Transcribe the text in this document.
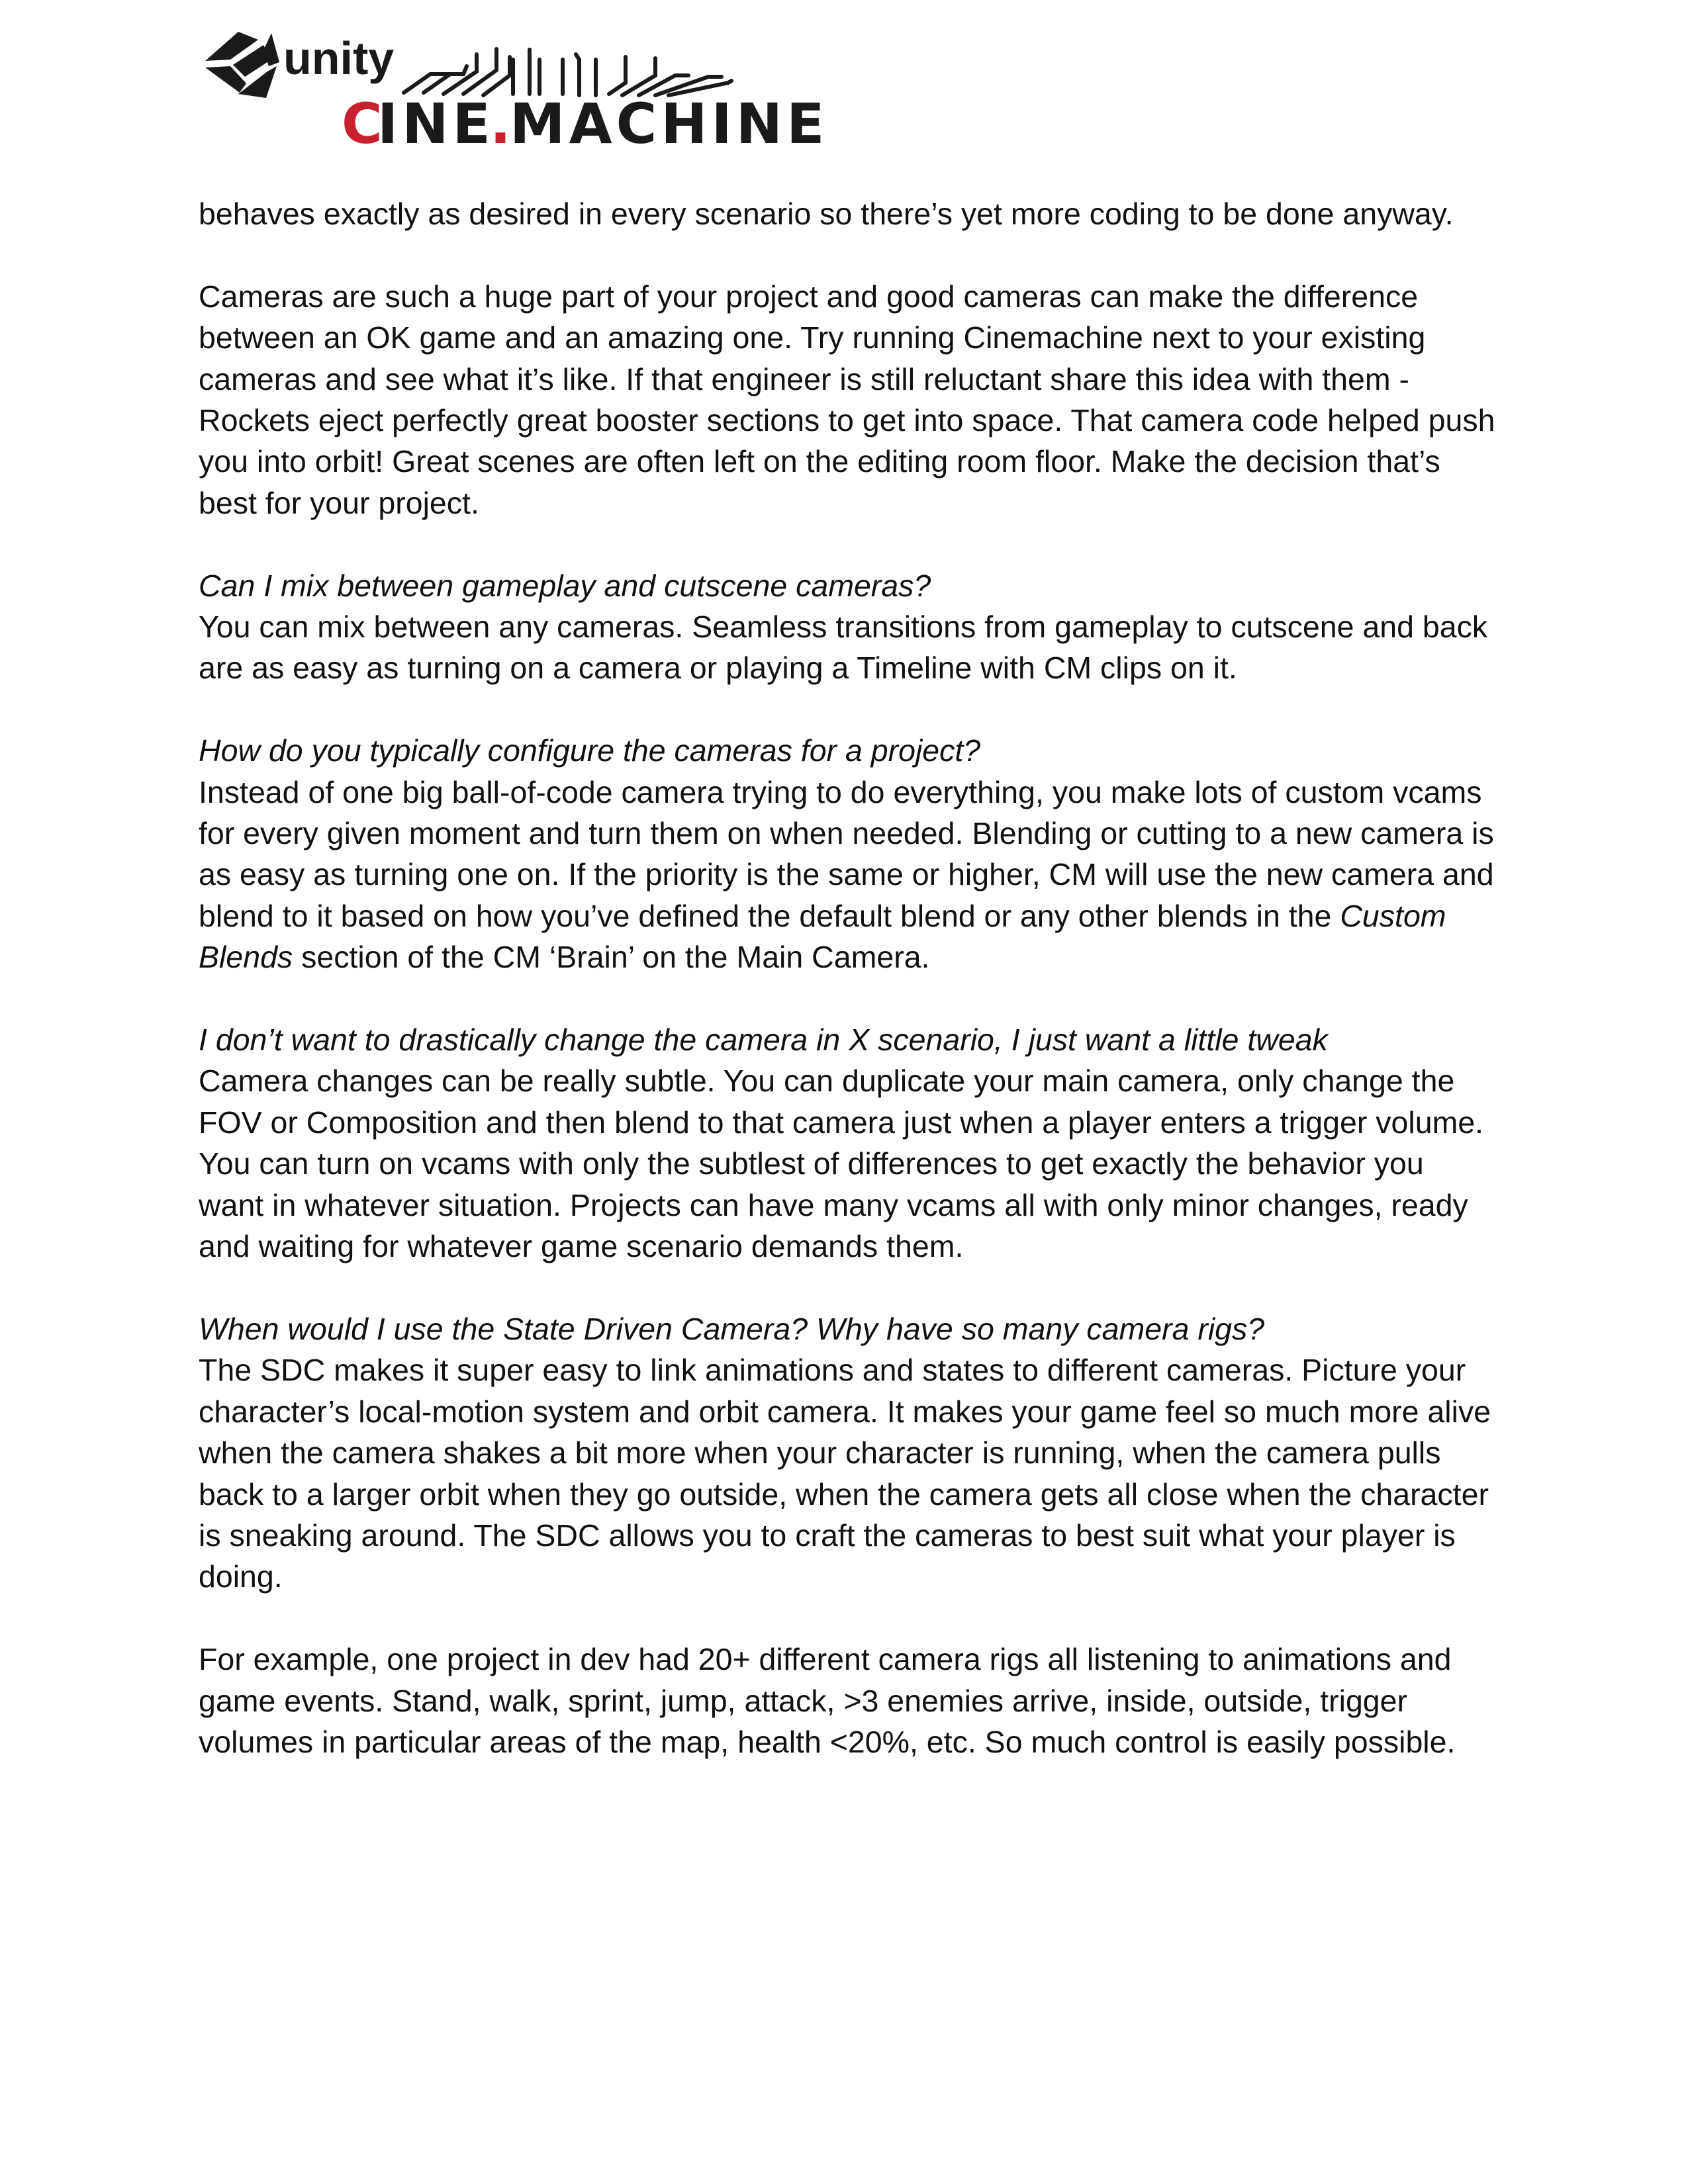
unity
C
INE
.
MACHINE

behaves exactly as desired in every scenario so there’s yet more coding to be done anyway.

Cameras are such a huge part of your project and good cameras can make the difference between an OK game and an amazing one. Try running Cinemachine next to your existing cameras and see what it’s like. If that engineer is still reluctant share this idea with them - Rockets eject perfectly great booster sections to get into space. That camera code helped push you into orbit! Great scenes are often left on the editing room floor. Make the decision that’s best for your project.

Can I mix between gameplay and cutscene cameras?
You can mix between any cameras. Seamless transitions from gameplay to cutscene and back are as easy as turning on a camera or playing a Timeline with CM clips on it.

How do you typically configure the cameras for a project?
Instead of one big ball-of-code camera trying to do everything, you make lots of custom vcams for every given moment and turn them on when needed. Blending or cutting to a new camera is as easy as turning one on. If the priority is the same or higher, CM will use the new camera and blend to it based on how you’ve defined the default blend or any other blends in the Custom Blends section of the CM ‘Brain’ on the Main Camera.

I don’t want to drastically change the camera in X scenario, I just want a little tweak
Camera changes can be really subtle. You can duplicate your main camera, only change the FOV or Composition and then blend to that camera just when a player enters a trigger volume. You can turn on vcams with only the subtlest of differences to get exactly the behavior you want in whatever situation. Projects can have many vcams all with only minor changes, ready and waiting for whatever game scenario demands them.

When would I use the State Driven Camera? Why have so many camera rigs?
The SDC makes it super easy to link animations and states to different cameras. Picture your character’s local-motion system and orbit camera. It makes your game feel so much more alive when the camera shakes a bit more when your character is running, when the camera pulls back to a larger orbit when they go outside, when the camera gets all close when the character is sneaking around. The SDC allows you to craft the cameras to best suit what your player is doing.

For example, one project in dev had 20+ different camera rigs all listening to animations and game events. Stand, walk, sprint, jump, attack, >3 enemies arrive, inside, outside, trigger volumes in particular areas of the map, health <20%, etc. So much control is easily possible.
